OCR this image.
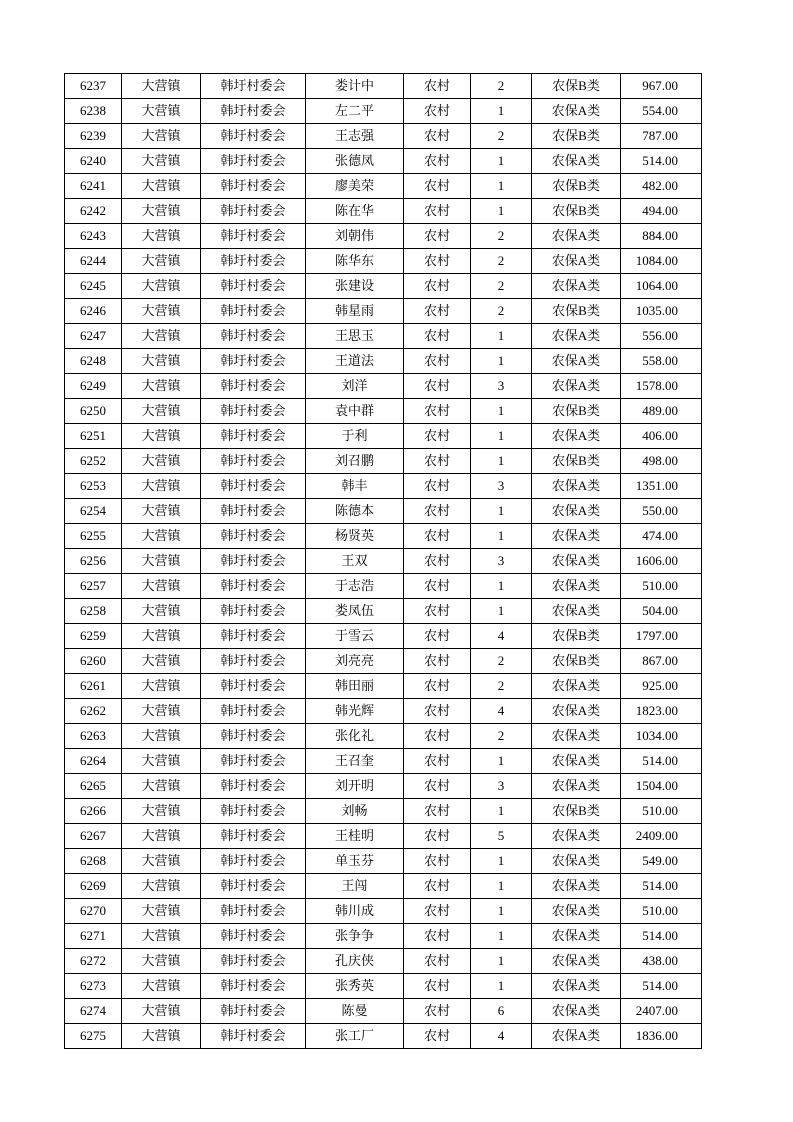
6237	大营镇	韩圩村委会	娄计中	农村	2	农保B类	967.00
6238	大营镇	韩圩村委会	左二平	农村	1	农保A类	554.00
6239	大营镇	韩圩村委会	王志强	农村	2	农保B类	787.00
6240	大营镇	韩圩村委会	张德凤	农村	1	农保A类	514.00
6241	大营镇	韩圩村委会	廖美荣	农村	1	农保B类	482.00
6242	大营镇	韩圩村委会	陈在华	农村	1	农保B类	494.00
6243	大营镇	韩圩村委会	刘朝伟	农村	2	农保A类	884.00
6244	大营镇	韩圩村委会	陈华东	农村	2	农保A类	1084.00
6245	大营镇	韩圩村委会	张建设	农村	2	农保A类	1064.00
6246	大营镇	韩圩村委会	韩星雨	农村	2	农保B类	1035.00
6247	大营镇	韩圩村委会	王思玉	农村	1	农保A类	556.00
6248	大营镇	韩圩村委会	王道法	农村	1	农保A类	558.00
6249	大营镇	韩圩村委会	刘洋	农村	3	农保A类	1578.00
6250	大营镇	韩圩村委会	袁中群	农村	1	农保B类	489.00
6251	大营镇	韩圩村委会	于利	农村	1	农保A类	406.00
6252	大营镇	韩圩村委会	刘召鹏	农村	1	农保B类	498.00
6253	大营镇	韩圩村委会	韩丰	农村	3	农保A类	1351.00
6254	大营镇	韩圩村委会	陈德本	农村	1	农保A类	550.00
6255	大营镇	韩圩村委会	杨贤英	农村	1	农保A类	474.00
6256	大营镇	韩圩村委会	王双	农村	3	农保A类	1606.00
6257	大营镇	韩圩村委会	于志浩	农村	1	农保A类	510.00
6258	大营镇	韩圩村委会	娄凤伍	农村	1	农保A类	504.00
6259	大营镇	韩圩村委会	于雪云	农村	4	农保B类	1797.00
6260	大营镇	韩圩村委会	刘亮亮	农村	2	农保B类	867.00
6261	大营镇	韩圩村委会	韩田丽	农村	2	农保A类	925.00
6262	大营镇	韩圩村委会	韩光辉	农村	4	农保A类	1823.00
6263	大营镇	韩圩村委会	张化礼	农村	2	农保A类	1034.00
6264	大营镇	韩圩村委会	王召奎	农村	1	农保A类	514.00
6265	大营镇	韩圩村委会	刘开明	农村	3	农保A类	1504.00
6266	大营镇	韩圩村委会	刘畅	农村	1	农保B类	510.00
6267	大营镇	韩圩村委会	王桂明	农村	5	农保A类	2409.00
6268	大营镇	韩圩村委会	单玉芬	农村	1	农保A类	549.00
6269	大营镇	韩圩村委会	王闯	农村	1	农保A类	514.00
6270	大营镇	韩圩村委会	韩川成	农村	1	农保A类	510.00
6271	大营镇	韩圩村委会	张争争	农村	1	农保A类	514.00
6272	大营镇	韩圩村委会	孔庆侠	农村	1	农保A类	438.00
6273	大营镇	韩圩村委会	张秀英	农村	1	农保A类	514.00
6274	大营镇	韩圩村委会	陈曼	农村	6	农保A类	2407.00
6275	大营镇	韩圩村委会	张工厂	农村	4	农保A类	1836.00
